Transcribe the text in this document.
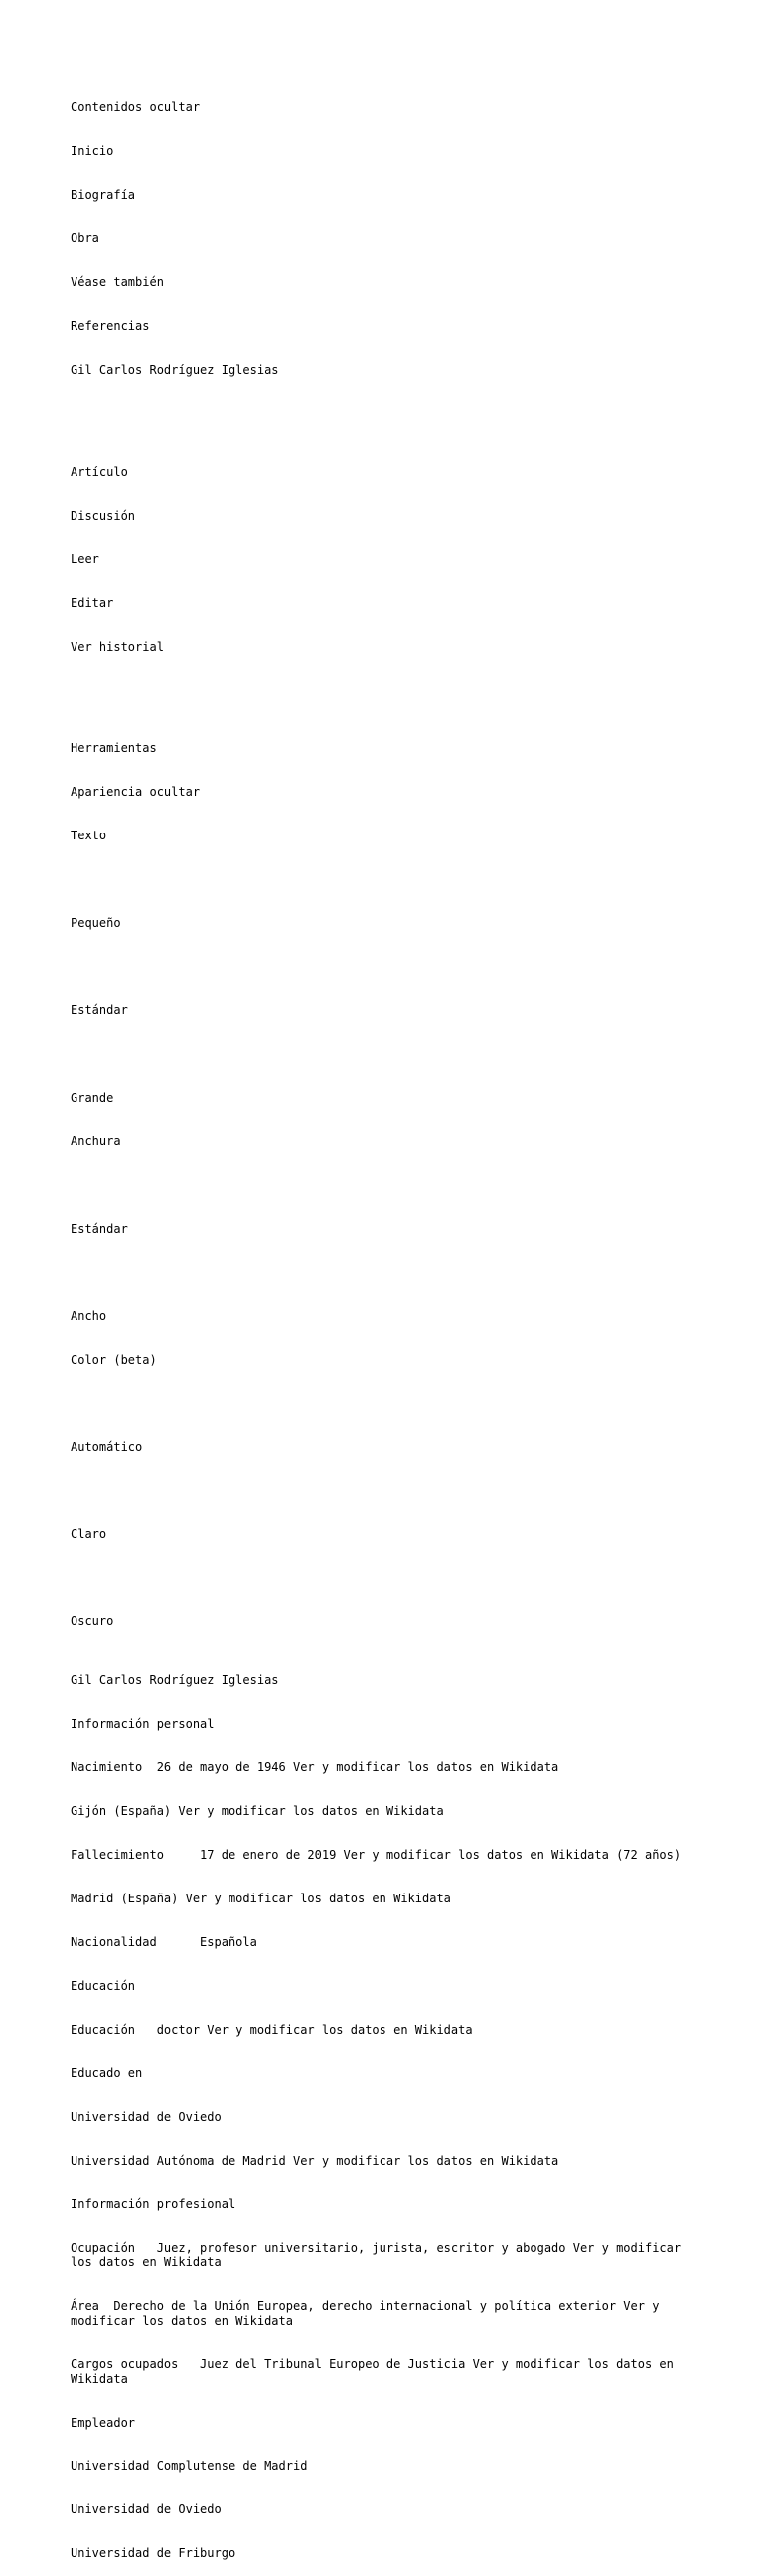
Contenidos ocultar

Inicio

Biografía

Obra

Véase también

Referencias

Gil Carlos Rodríguez Iglesias

Artículo

Discusión

Leer

Editar

Ver historial

Herramientas

Apariencia ocultar

Texto

Pequeño

Estándar

Grande

Anchura

Estándar

Ancho

Color (beta)

Automático

Claro

Oscuro

Gil Carlos Rodríguez Iglesias

Información personal

Nacimiento  26 de mayo de 1946 Ver y modificar los datos en Wikidata

Gijón (España) Ver y modificar los datos en Wikidata

Fallecimiento     17 de enero de 2019 Ver y modificar los datos en Wikidata (72 años)

Madrid (España) Ver y modificar los datos en Wikidata

Nacionalidad      Española

Educación

Educación   doctor Ver y modificar los datos en Wikidata

Educado en

Universidad de Oviedo

Universidad Autónoma de Madrid Ver y modificar los datos en Wikidata

Información profesional

Ocupación   Juez, profesor universitario, jurista, escritor y abogado Ver y modificar los datos en Wikidata

Área  Derecho de la Unión Europea, derecho internacional y política exterior Ver y modificar los datos en Wikidata

Cargos ocupados   Juez del Tribunal Europeo de Justicia Ver y modificar los datos en Wikidata

Empleador

Universidad Complutense de Madrid

Universidad de Oviedo

Universidad de Friburgo
